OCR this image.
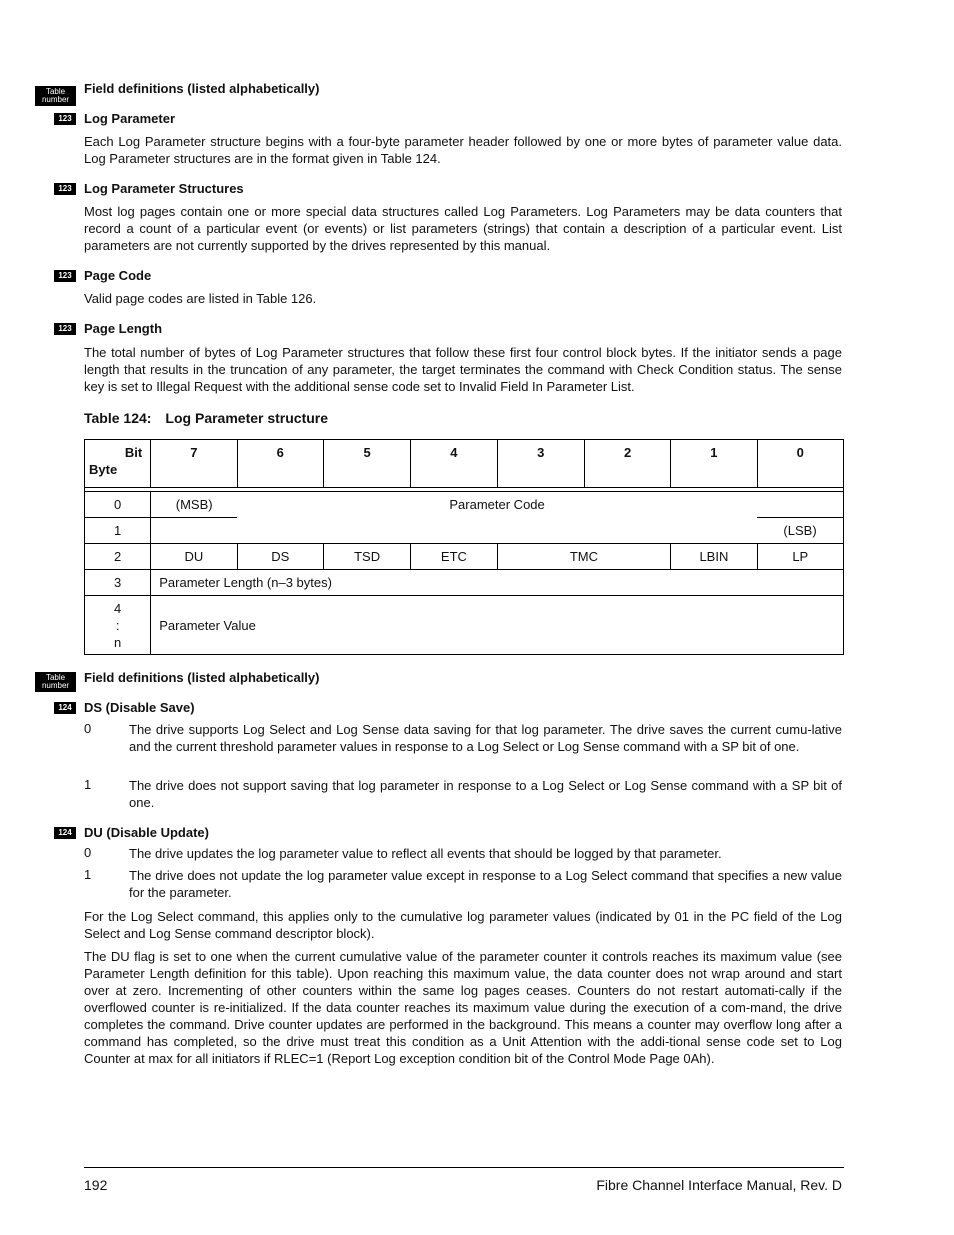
Table
number
Field definitions (listed alphabetically)
123 Log Parameter
Each Log Parameter structure begins with a four-byte parameter header followed by one or more bytes of parameter value data. Log Parameter structures are in the format given in Table 124.
123 Log Parameter Structures
Most log pages contain one or more special data structures called Log Parameters. Log Parameters may be data counters that record a count of a particular event (or events) or list parameters (strings) that contain a description of a particular event. List parameters are not currently supported by the drives represented by this manual.
123 Page Code
Valid page codes are listed in Table 126.
123 Page Length
The total number of bytes of Log Parameter structures that follow these first four control block bytes. If the initiator sends a page length that results in the truncation of any parameter, the target terminates the command with Check Condition status. The sense key is set to Illegal Request with the additional sense code set to Invalid Field In Parameter List.
Table 124: Log Parameter structure
Bit
Byte	7	6	5	4	3	2	1	0

0	(MSB)	Parameter Code						
1								(LSB)
2	DU	DS	TSD	ETC	TMC		LBIN	LP
3	Parameter Length (n–3 bytes)							

4
:
n	Parameter Value							
Table
number
Field definitions (listed alphabetically)
124 DS (Disable Save)
0	The drive supports Log Select and Log Sense data saving for that log parameter. The drive saves the current cumu-lative and the current threshold parameter values in response to a Log Select or Log Sense command with a SP bit of one.
1	The drive does not support saving that log parameter in response to a Log Select or Log Sense command with a SP bit of one.
124 DU (Disable Update)
0	The drive updates the log parameter value to reflect all events that should be logged by that parameter.
1	The drive does not update the log parameter value except in response to a Log Select command that specifies a new value for the parameter.
For the Log Select command, this applies only to the cumulative log parameter values (indicated by 01 in the PC field of the Log Select and Log Sense command descriptor block).
The DU flag is set to one when the current cumulative value of the parameter counter it controls reaches its maximum value (see Parameter Length definition for this table). Upon reaching this maximum value, the data counter does not wrap around and start over at zero. Incrementing of other counters within the same log pages ceases. Counters do not restart automati-cally if the overflowed counter is re-initialized. If the data counter reaches its maximum value during the execution of a com-mand, the drive completes the command. Drive counter updates are performed in the background. This means a counter may overflow long after a command has completed, so the drive must treat this condition as a Unit Attention with the addi-tional sense code set to Log Counter at max for all initiators if RLEC=1 (Report Log exception condition bit of the Control Mode Page 0Ah).
192	Fibre Channel Interface Manual, Rev. D
